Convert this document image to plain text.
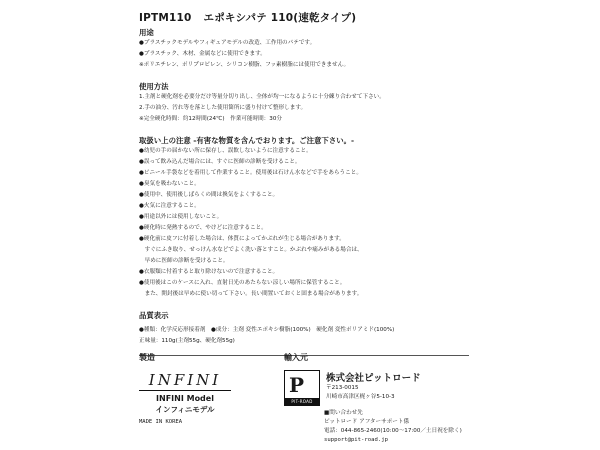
IPTM110 エポキシパテ 110(速乾タイプ)
用途
●プラスチックモデルやフィギュアモデルの改造、工作用のパテです。
●プラスチック、木材、金属などに使用できます。
※ポリエチレン、ポリプロピレン、シリコン樹脂、フッ素樹脂には使用できません。
使用方法
1.主剤と硬化剤を必要分だけ等量分切り出し、全体が均一になるように十分練り合わせて下さい。
2.手の油分、汚れ等を落とした使用箇所に盛り付けて整形します。
※完全硬化時間：約12時間(24℃)　作業可能時間：30分
取扱い上の注意 -有害な物質を含んでおります。ご注意下さい。-
●幼児の手の届かない所に保存し、誤飲しないように注意すること。
●誤って飲み込んだ場合には、すぐに医師の診断を受けること。
●ビニール手袋などを着用して作業すること。使用後は石けん水などで手をあらうこと。
●臭気を吸わないこと。
●使用中、使用後しばらくの間は換気をよくすること。
●火気に注意すること。
●用途以外には使用しないこと。
●硬化時に発熱するので、やけどに注意すること。
●硬化前に皮フに付着した場合は、体質によってかぶれが生じる場合があります。
　すぐにふき取り、せっけん水などでよく洗い落とすこと。かぶれや痛みがある場合は、
　早めに医師の診断を受けること。
●衣服類に付着すると取り除けないので注意すること。
●使用後はこのケースに入れ、直射日光のあたらない涼しい場所に保管すること。
　また、開封後は早めに使い切って下さい。長い間置いておくと固まる場合があります。
品質表示
●種類：化学反応形接着剤　●成分：主剤 変性エポキシ樹脂(100%)　硬化剤 変性ポリアミド(100%)
正味量：110g(主剤55g、硬化剤55g)
製造
INFINI
INFINI Model
インフィニモデル
MADE IN KOREA
輸入元
P
PIT-ROAD
株式会社ピットロード
〒213-0015
川崎市高津区梶ヶ谷5-10-3
■問い合わせ先
ピットロード アフターサポート係
電話：044-865-2460(10:00～17:00／土日祝を除く)
support@pit-road.jp
